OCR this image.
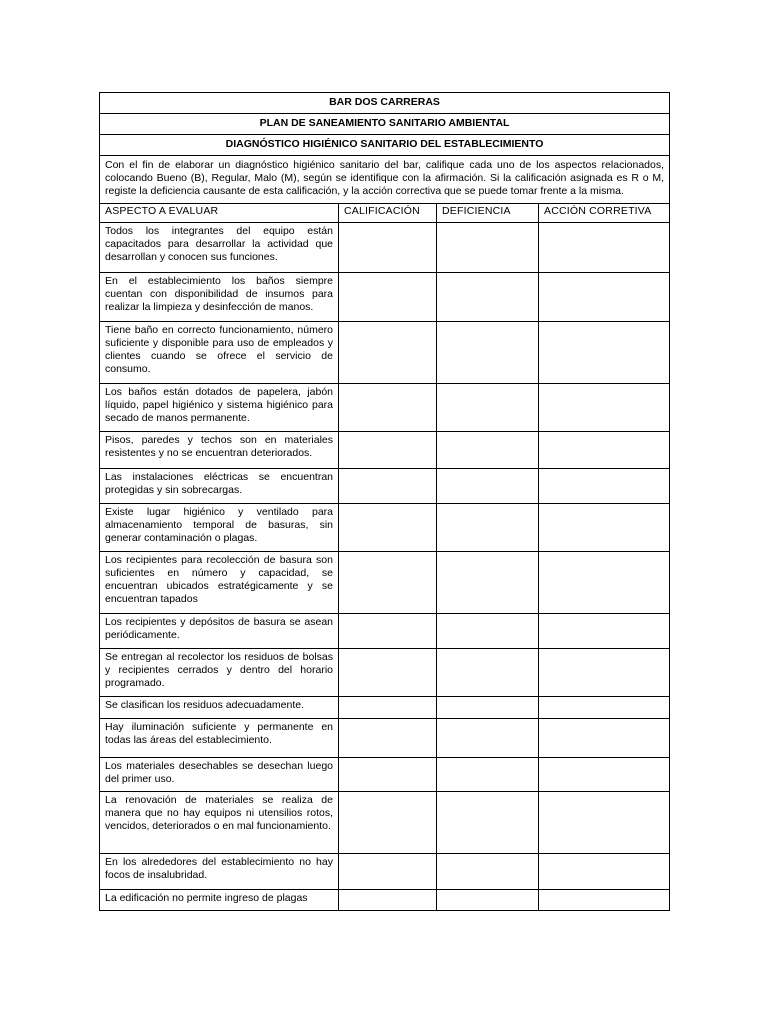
BAR DOS CARRERAS			
PLAN DE SANEAMIENTO SANITARIO AMBIENTAL			
DIAGNÓSTICO HIGIÉNICO SANITARIO DEL ESTABLECIMIENTO			
Con el fin de elaborar un diagnóstico higiénico sanitario del bar, califique cada uno de los aspectos relacionados, colocando Bueno (B), Regular, Malo (M), según se identifique con la afirmación. Si la calificación asignada es R o M, registe la deficiencia causante de esta calificación, y la acción correctiva que se puede tomar frente a la misma.			
ASPECTO A EVALUAR	CALIFICACIÓN	DEFICIENCIA	ACCIÓN CORRETIVA
Todos los integrantes del equipo están capacitados para desarrollar la actividad que desarrollan y conocen sus funciones.			
En el establecimiento los baños siempre cuentan con disponibilidad de insumos para realizar la limpieza y desinfección de manos.			
Tiene baño en correcto funcionamiento, número suficiente y disponible para uso de empleados y clientes cuando se ofrece el servicio de consumo.			
Los baños están dotados de papelera, jabón líquido, papel higiénico y sistema higiénico para secado de manos permanente.			
Pisos, paredes y techos son en materiales resistentes y no se encuentran deteriorados.			
Las instalaciones eléctricas se encuentran protegidas y sin sobrecargas.			
Existe lugar higiénico y ventilado para almacenamiento temporal de basuras, sin generar contaminación o plagas.			
Los recipientes para recolección de basura son suficientes en número y capacidad, se encuentran ubicados estratégicamente y se encuentran tapados			
Los recipientes y depósitos de basura se asean periódicamente.			
Se entregan al recolector los residuos de bolsas y recipientes cerrados y dentro del horario programado.			
Se clasifican los residuos adecuadamente.			
Hay iluminación suficiente y permanente en todas las áreas del establecimiento.			
Los materiales desechables se desechan luego del primer uso.			
La renovación de materiales se realiza de manera que no hay equipos ni utensilios rotos, vencidos, deteriorados o en mal funcionamiento.			
En los alrededores del establecimiento no hay focos de insalubridad.			
La edificación no permite ingreso de plagas			
